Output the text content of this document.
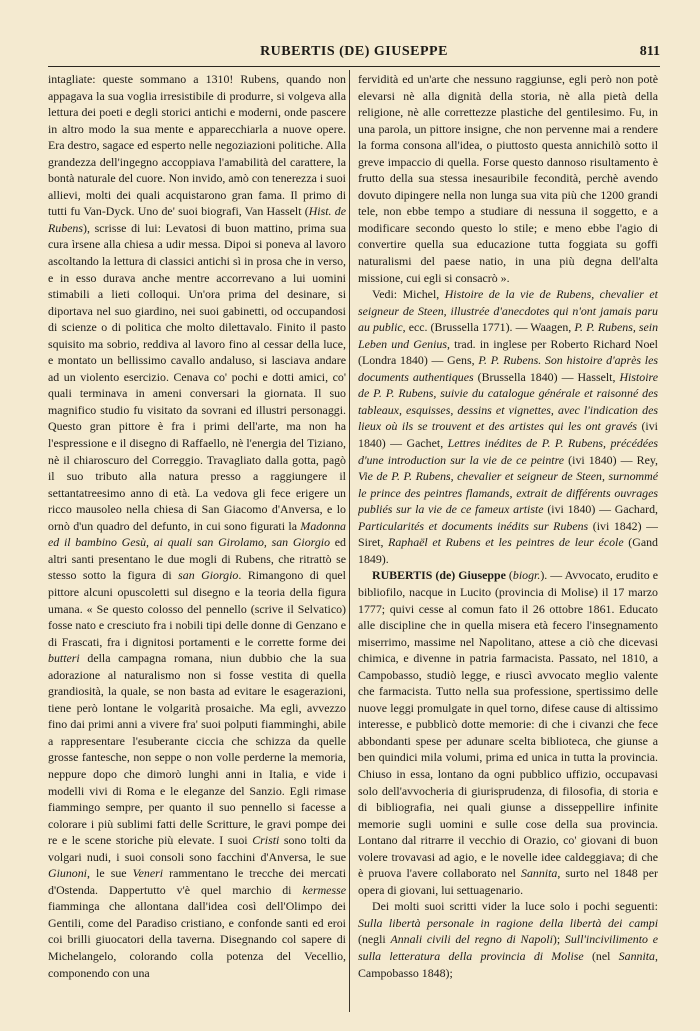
RUBERTIS (DE) GIUSEPPE	811

intagliate: queste sommano a 1310! Rubens, quando non appagava la sua voglia irresistibile di produrre, si volgeva alla lettura dei poeti e degli storici antichi e moderni, onde pascere in altro modo la sua mente e apparecchiarla a nuove opere. Era destro, sagace ed esperto nelle negoziazioni politiche. Alla grandezza dell'ingegno accoppiava l'amabilità del carattere, la bontà naturale del cuore. Non invido, amò con tenerezza i suoi allievi, molti dei quali acquistarono gran fama. Il primo di tutti fu Van-Dyck. Uno de' suoi biografi, Van Hasselt (Hist. de Rubens), scrisse di lui: Levatosi di buon mattino, prima sua cura ìrsene alla chiesa a udir messa. Dipoi si poneva al lavoro ascoltando la lettura di classici antichi sì in prosa che in verso, e in esso durava anche mentre accorrevano a lui uomini stimabili a lieti colloqui. Un'ora prima del desinare, si diportava nel suo giardino, nei suoi gabinetti, od occupandosi di scienze o di politica che molto dilettavalo. Finito il pasto squisito ma sobrio, reddiva al lavoro fino al cessar della luce, e montato un bellissimo cavallo andaluso, si lasciava andare ad un violento esercizio. Cenava co' pochi e dotti amici, co' quali terminava in ameni conversari la giornata. Il suo magnifico studio fu visitato da sovrani ed illustri personaggi. Questo gran pittore è fra i primi dell'arte, ma non ha l'espressione e il disegno di Raffaello, nè l'energia del Tiziano, nè il chiaroscuro del Correggio. Travagliato dalla gotta, pagò il suo tributo alla natura presso a raggiungere il settantatreesimo anno di età. La vedova gli fece erigere un ricco mausoleo nella chiesa di San Giacomo d'Anversa, e lo ornò d'un quadro del defunto, in cui sono figurati la Madonna ed il bambino Gesù, ai quali san Girolamo, san Giorgio ed altri santi presentano le due mogli di Rubens, che ritrattò se stesso sotto la figura di san Giorgio. Rimangono di quel pittore alcuni opuscoletti sul disegno e la teoria della figura umana. « Se questo colosso del pennello (scrive il Selvatico) fosse nato e cresciuto fra i nobili tipi delle donne di Genzano e di Frascati, fra i dignitosi portamenti e le corrette forme dei butteri della campagna romana, niun dubbio che la sua adorazione al naturalismo non si fosse vestita di quella grandiosità, la quale, se non basta ad evitare le esagerazioni, tiene però lontane le volgarità prosaiche. Ma egli, avvezzo fino dai primi anni a vivere fra' suoi polputi fiamminghi, abile a rappresentare l'esuberante ciccia che schizza da quelle grosse fantesche, non seppe o non volle perderne la memoria, neppure dopo che dimorò lunghi anni in Italia, e vide i modelli vivi di Roma e le eleganze del Sanzio. Egli rimase fiammingo sempre, per quanto il suo pennello si facesse a colorare i più sublimi fatti delle Scritture, le gravi pompe dei re e le scene storiche più elevate. I suoi Cristi sono tolti da volgari nudi, i suoi consoli sono facchini d'Anversa, le sue Giunoni, le sue Veneri rammentano le trecche dei mercati d'Ostenda. Dappertutto v'è quel marchio di kermesse fiamminga che allontana dall'idea così dell'Olimpo dei Gentili, come del Paradiso cristiano, e confonde santi ed eroi coi brilli giuocatori della taverna. Disegnando col sapere di Michelangelo, colorando colla potenza del Vecellio, componendo con una

fervidità ed un'arte che nessuno raggiunse, egli però non potè elevarsi nè alla dignità della storia, nè alla pietà della religione, nè alle correttezze plastiche del gentilesimo. Fu, in una parola, un pittore insigne, che non pervenne mai a rendere la forma consona all'idea, o piuttosto questa annichilò sotto il greve impaccio di quella. Forse questo dannoso risultamento è frutto della sua stessa inesauribile fecondità, perchè avendo dovuto dipingere nella non lunga sua vita più che 1200 grandi tele, non ebbe tempo a studiare di nessuna il soggetto, e a modificare secondo questo lo stile; e meno ebbe l'agio di convertire quella sua educazione tutta foggiata su goffi naturalismi del paese natio, in una più degna dell'alta missione, cui egli si consacrò ».

Vedi: Michel, Histoire de la vie de Rubens, chevalier et seigneur de Steen, illustrée d'anecdotes qui n'ont jamais paru au public, ecc. (Brussella 1771). — Waagen, P. P. Rubens, sein Leben und Genius, trad. in inglese per Roberto Richard Noel (Londra 1840) — Gens, P. P. Rubens. Son histoire d'après les documents authentiques (Brussella 1840) — Hasselt, Histoire de P. P. Rubens, suivie du catalogue générale et raisonné des tableaux, esquisses, dessins et vignettes, avec l'indication des lieux où ils se trouvent et des artistes qui les ont gravés (ivi 1840) — Gachet, Lettres inédites de P. P. Rubens, précédées d'une introduction sur la vie de ce peintre (ivi 1840) — Rey, Vie de P. P. Rubens, chevalier et seigneur de Steen, surnommé le prince des peintres flamands, extrait de différents ouvrages publiés sur la vie de ce fameux artiste (ivi 1840) — Gachard, Particularités et documents inédits sur Rubens (ivi 1842) — Siret, Raphaël et Rubens et les peintres de leur école (Gand 1849).

RUBERTIS (de) Giuseppe (biogr.). — Avvocato, erudito e bibliofilo, nacque in Lucito (provincia di Molise) il 17 marzo 1777; quivi cesse al comun fato il 26 ottobre 1861. Educato alle discipline che in quella misera età fecero l'insegnamento miserrimo, massime nel Napolitano, attese a ciò che dicevasi chimica, e divenne in patria farmacista. Passato, nel 1810, a Campobasso, studiò legge, e riuscì avvocato meglio valente che farmacista. Tutto nella sua professione, spertissimo delle nuove leggi promulgate in quel torno, difese cause di altissimo interesse, e pubblicò dotte memorie: di che i civanzi che fece abbondanti spese per adunare scelta biblioteca, che giunse a ben quindici mila volumi, prima ed unica in tutta la provincia. Chiuso in essa, lontano da ogni pubblico uffizio, occupavasi solo dell'avvocheria di giurisprudenza, di filosofia, di storia e di bibliografia, nei quali giunse a disseppellire infinite memorie sugli uomini e sulle cose della sua provincia. Lontano dal ritrarre il vecchio di Orazio, co' giovani di buon volere trovavasi ad agio, e le novelle idee caldeggiava; di che è pruova l'avere collaborato nel Sannita, surto nel 1848 per opera di giovani, lui settuagenario.

Dei molti suoi scritti vider la luce solo i pochi seguenti: Sulla libertà personale in ragione della libertà dei campi (negli Annali civili del regno di Napoli); Sull'incivilimento e sulla letteratura della provincia di Molise (nel Sannita, Campobasso 1848);
